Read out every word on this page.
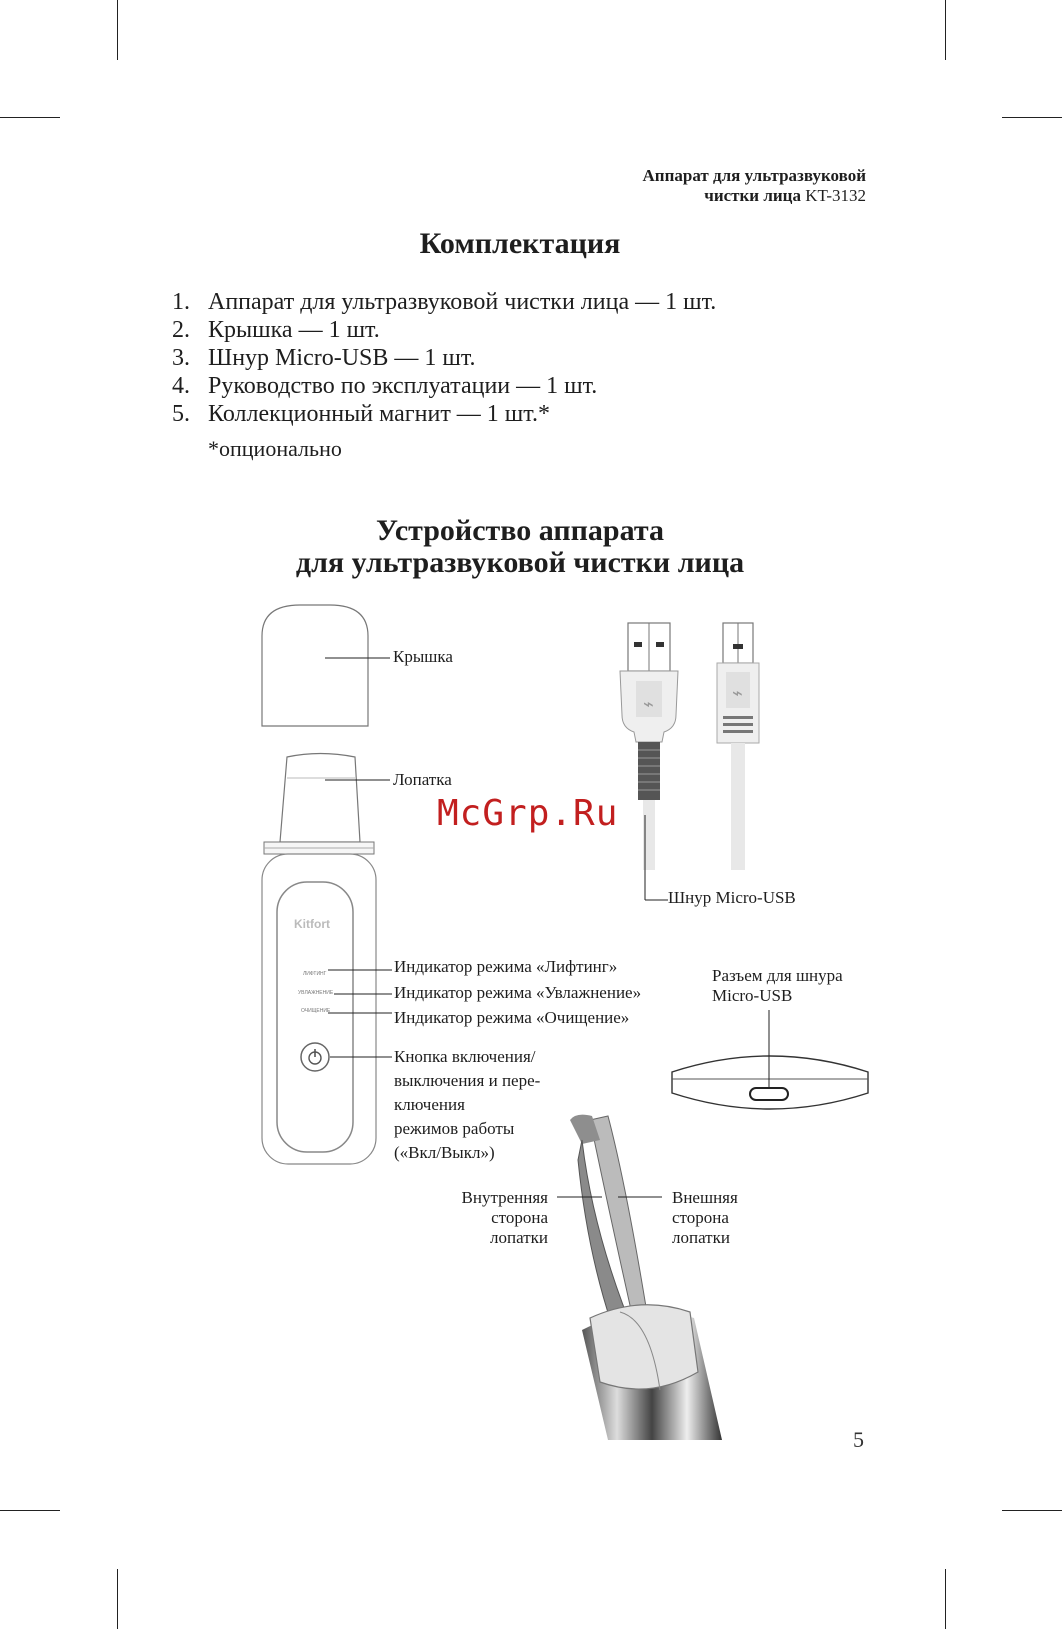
Аппарат для ультразвуковой
чистки лица KT-3132
Комплектация
1. Аппарат для ультразвуковой чистки лица — 1 шт.
2. Крышка — 1 шт.
3. Шнур Micro-USB — 1 шт.
4. Руководство по эксплуатации — 1 шт.
5. Коллекционный магнит — 1 шт.*
*опционально
Устройство аппарата
для ультразвуковой чистки лица
Kitfort
ЛИФТИНГ
УВЛАЖНЕНИЕ
ОЧИЩЕНИЕ
⌁
⌁
Крышка
Лопатка
Шнур Micro-USB
Индикатор режима «Лифтинг»
Индикатор режима «Увлажнение»
Индикатор режима «Очищение»
Разъем для шнура
Micro-USB
Кнопка включения/
выключения и пере-
ключения
режимов работы
(«Вкл/Выкл»)
Внутренняя
сторона
лопатки
Внешняя
сторона
лопатки
McGrp.Ru
5
